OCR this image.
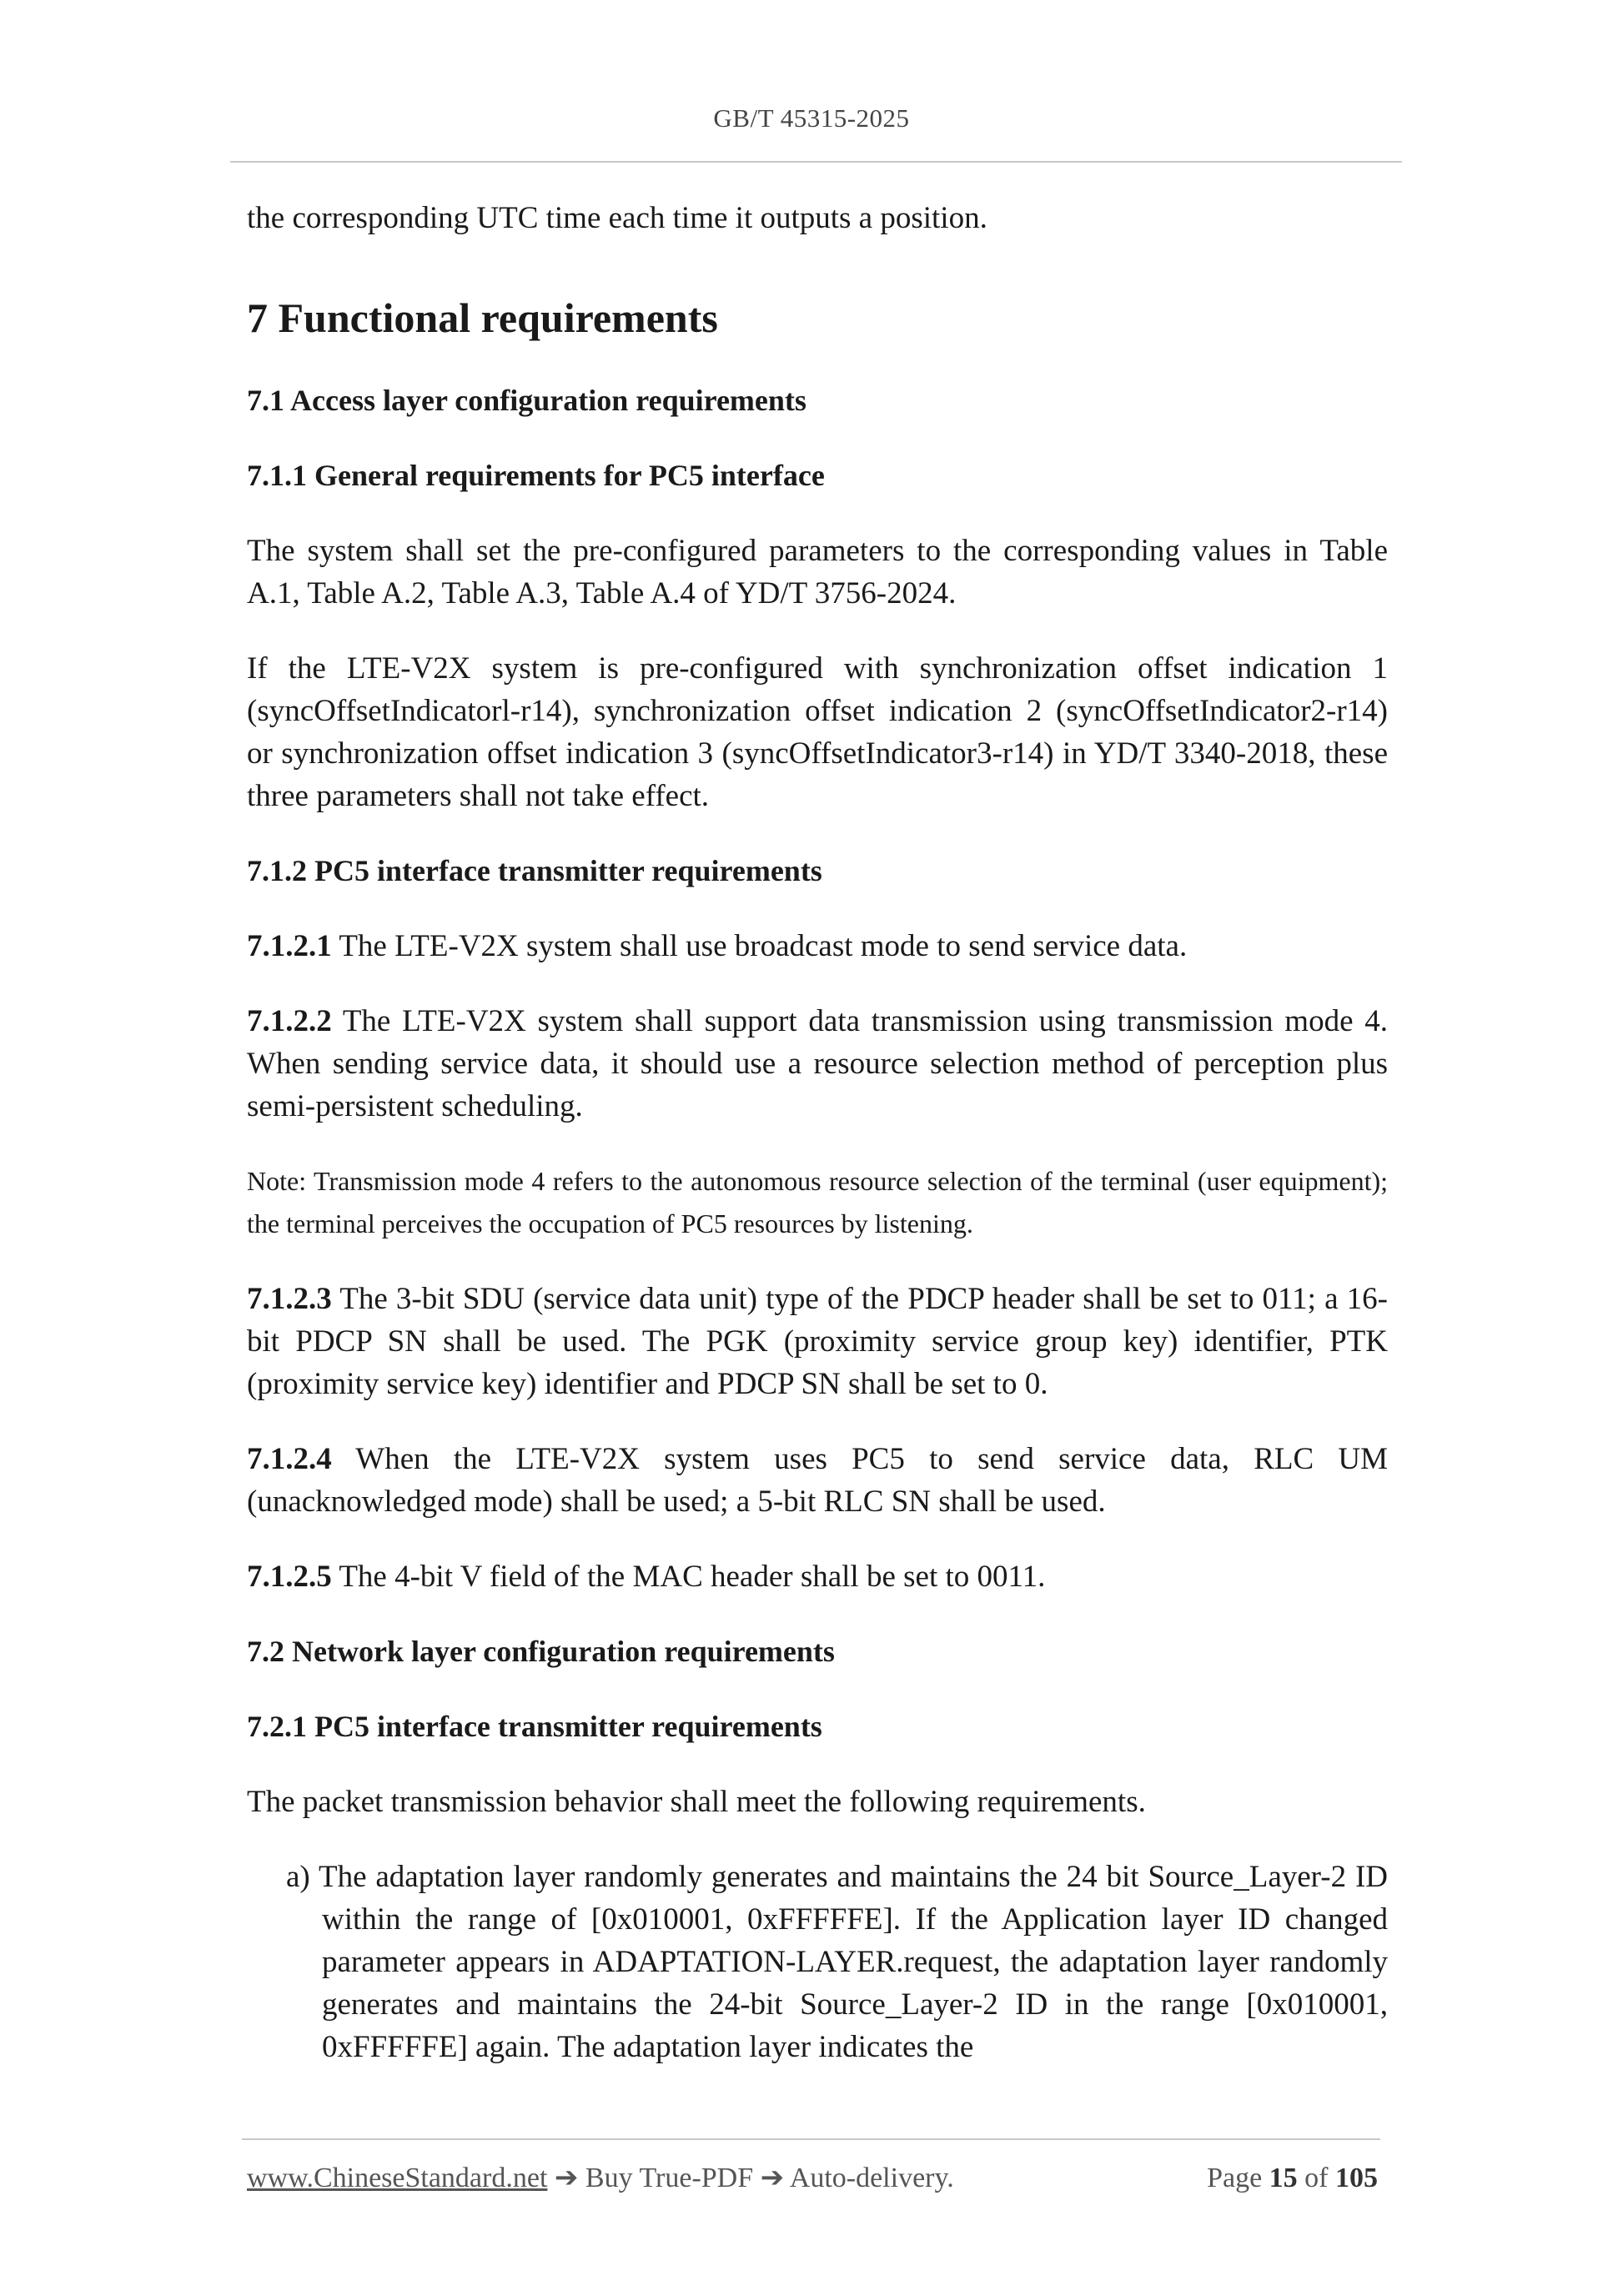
GB/T 45315-2025

the corresponding UTC time each time it outputs a position.

7 Functional requirements
7.1 Access layer configuration requirements
7.1.1 General requirements for PC5 interface

The system shall set the pre-configured parameters to the corresponding values in Table A.1, Table A.2, Table A.3, Table A.4 of YD/T 3756-2024.

If the LTE-V2X system is pre-configured with synchronization offset indication 1 (syncOffsetIndicatorl-r14), synchronization offset indication 2 (syncOffsetIndicator2-r14) or synchronization offset indication 3 (syncOffsetIndicator3-r14) in YD/T 3340-2018, these three parameters shall not take effect.

7.1.2 PC5 interface transmitter requirements

7.1.2.1 The LTE-V2X system shall use broadcast mode to send service data.

7.1.2.2 The LTE-V2X system shall support data transmission using transmission mode 4. When sending service data, it should use a resource selection method of perception plus semi-persistent scheduling.

Note: Transmission mode 4 refers to the autonomous resource selection of the terminal (user equipment); the terminal perceives the occupation of PC5 resources by listening.

7.1.2.3 The 3-bit SDU (service data unit) type of the PDCP header shall be set to 011; a 16-bit PDCP SN shall be used. The PGK (proximity service group key) identifier, PTK (proximity service key) identifier and PDCP SN shall be set to 0.

7.1.2.4 When the LTE-V2X system uses PC5 to send service data, RLC UM (unacknowledged mode) shall be used; a 5-bit RLC SN shall be used.

7.1.2.5 The 4-bit V field of the MAC header shall be set to 0011.

7.2 Network layer configuration requirements
7.2.1 PC5 interface transmitter requirements

The packet transmission behavior shall meet the following requirements.

a) The adaptation layer randomly generates and maintains the 24 bit Source_Layer-2 ID within the range of [0x010001, 0xFFFFFE]. If the Application layer ID changed parameter appears in ADAPTATION-LAYER.request, the adaptation layer randomly generates and maintains the 24-bit Source_Layer-2 ID in the range [0x010001, 0xFFFFFE] again. The adaptation layer indicates the

www.ChineseStandard.net ➔ Buy True-PDF ➔ Auto-delivery.	Page 15 of 105
